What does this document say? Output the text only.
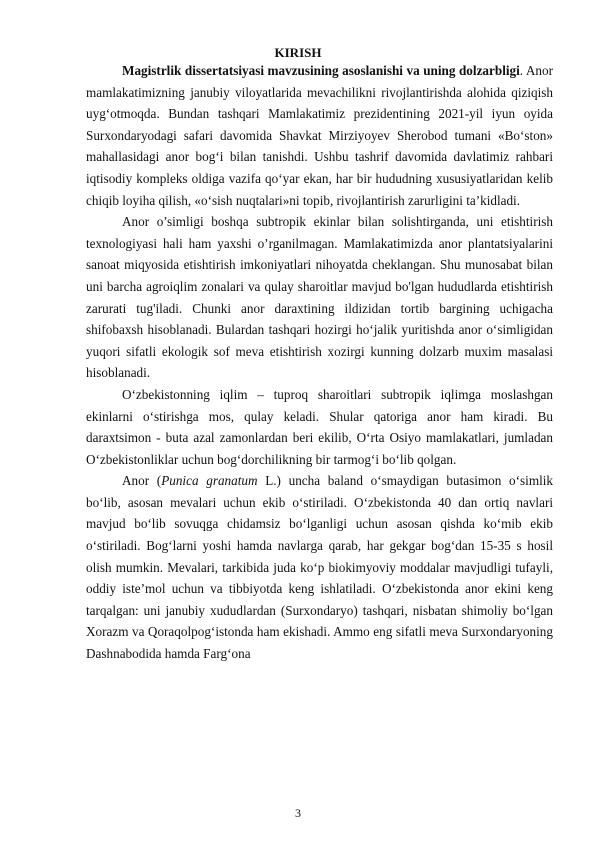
KIRISH

Magistrlik dissertatsiyasi mavzusining asoslanishi va uning dolzarbligi. Anor mamlakatimizning janubiy viloyatlarida mevachilikni rivojlantirishda alohida qiziqish uyg‘otmoqda. Bundan tashqari Mamlakatimiz prezidentining 2021-yil iyun oyida Surxondaryodagi safari davomida Shavkat Mirziyoyev Sherobod tumani «Bo‘ston» mahallasidagi anor bog‘i bilan tanishdi. Ushbu tashrif davomida davlatimiz rahbari iqtisodiy kompleks oldiga vazifa qo‘yar ekan, har bir hududning xususiyatlaridan kelib chiqib loyiha qilish, «o‘sish nuqtalari»ni topib, rivojlantirish zarurligini ta’kidladi.

Anor o’simligi boshqa subtropik ekinlar bilan solishtirganda, uni etishtirish texnologiyasi hali ham yaxshi o’rganilmagan. Mamlakatimizda anor plantatsiyalarini sanoat miqyosida etishtirish imkoniyatlari nihoyatda cheklangan. Shu munosabat bilan uni barcha agroiqlim zonalari va qulay sharoitlar mavjud bo'lgan hududlarda etishtirish zarurati tug'iladi. Chunki anor daraxtining ildizidan tortib bargining uchigacha shifobaxsh hisoblanadi. Bulardan tashqari hozirgi ho‘jalik yuritishda anor o‘simligidan yuqori sifatli ekologik sof meva etishtirish xozirgi kunning dolzarb muxim masalasi hisoblanadi.

O‘zbekistonning iqlim – tuproq sharoitlari subtropik iqlimga moslashgan ekinlarni o‘stirishga mos, qulay keladi. Shular qatoriga anor ham kiradi. Bu daraxtsimon - buta azal zamonlardan beri ekilib, O‘rta Osiyo mamlakatlari, jumladan O‘zbekistonliklar uchun bog‘dorchilikning bir tarmog‘i bo‘lib qolgan.

Anor (Punica granatum L.) uncha baland o‘smaydigan butasimon o‘simlik bo‘lib, asosan mevalari uchun ekib o‘stiriladi. O‘zbekistonda 40 dan ortiq navlari mavjud bo‘lib sovuqga chidamsiz bo‘lganligi uchun asosan qishda ko‘mib ekib o‘stiriladi. Bog‘larni yoshi hamda navlarga qarab, har gekgar bog‘dan 15-35 s hosil olish mumkin. Mevalari, tarkibida juda ko‘p biokimyoviy moddalar mavjudligi tufayli, oddiy iste’mol uchun va tibbiyotda keng ishlatiladi. O‘zbekistonda anor ekini keng tarqalgan: uni janubiy xududlardan (Surxondaryo) tashqari, nisbatan shimoliy bo‘lgan Xorazm va Qoraqolpog‘istonda ham ekishadi. Ammo eng sifatli meva Surxondaryoning Dashnabodida hamda Farg‘ona

3
